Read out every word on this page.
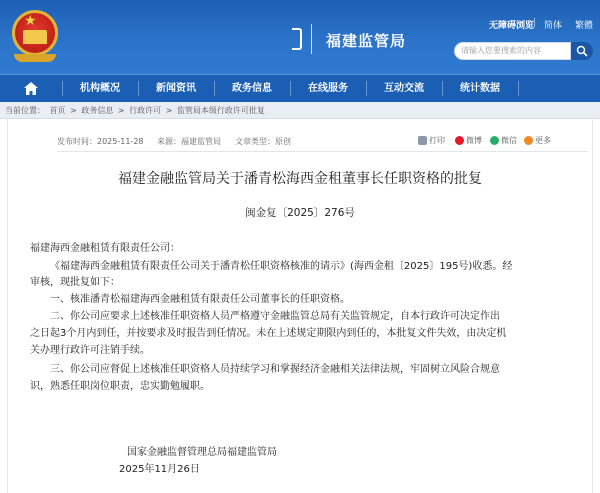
★
福建监管局
无障碍浏览
| 简体 繁體
请输入您要搜索的内容
机构概况	新闻资讯	政务信息	在线服务	互动交流	统计数据
当前位置： 首页 > 政务信息 > 行政许可 > 监管局本级行政许可批复
发布时间：2025-11-28 来源：福建监管局 文章类型：原创	打印	微博 微信 更多
福建金融监管局关于潘青松海西金租董事长任职资格的批复
闽金复〔2025〕276号
福建海西金融租赁有限责任公司：
《福建海西金融租赁有限责任公司关于潘青松任职资格核准的请示》(海西金租〔2025〕195号)收悉。经
审核，现批复如下：
一、核准潘青松福建海西金融租赁有限责任公司董事长的任职资格。
二、你公司应要求上述核准任职资格人员严格遵守金融监管总局有关监管规定，自本行政许可决定作出
之日起3个月内到任，并按要求及时报告到任情况。未在上述规定期限内到任的，本批复文件失效，由决定机
关办理行政许可注销手续。
三、你公司应督促上述核准任职资格人员持续学习和掌握经济金融相关法律法规，牢固树立风险合规意
识，熟悉任职岗位职责，忠实勤勉履职。
国家金融监督管理总局福建监管局
2025年11月26日
